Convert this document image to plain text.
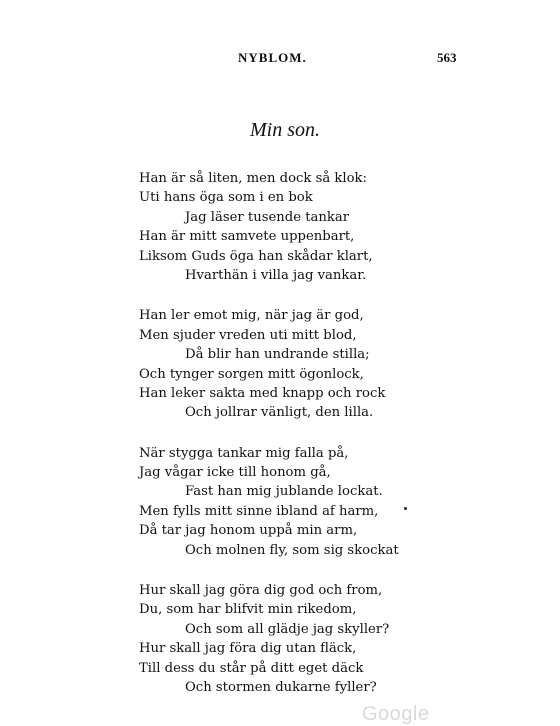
NYBLOM.	563
Min son.
Han är så liten, men dock så klok:
Uti hans öga som i en bok
Jag läser tusende tankar
Han är mitt samvete uppenbart,
Liksom Guds öga han skådar klart,
Hvarthän i villa jag vankar.
Han ler emot mig, när jag är god,
Men sjuder vreden uti mitt blod,
Då blir han undrande stilla;
Och tynger sorgen mitt ögonlock,
Han leker sakta med knapp och rock
Och jollrar vänligt, den lilla.
När stygga tankar mig falla på,
Jag vågar icke till honom gå,
Fast han mig jublande lockat.
Men fylls mitt sinne ibland af harm,
Då tar jag honom uppå min arm,
Och molnen fly, som sig skockat
Hur skall jag göra dig god och from,
Du, som har blifvit min rikedom,
Och som all glädje jag skyller?
Hur skall jag föra dig utan fläck,
Till dess du står på ditt eget däck
Och stormen dukarne fyller?
Google
